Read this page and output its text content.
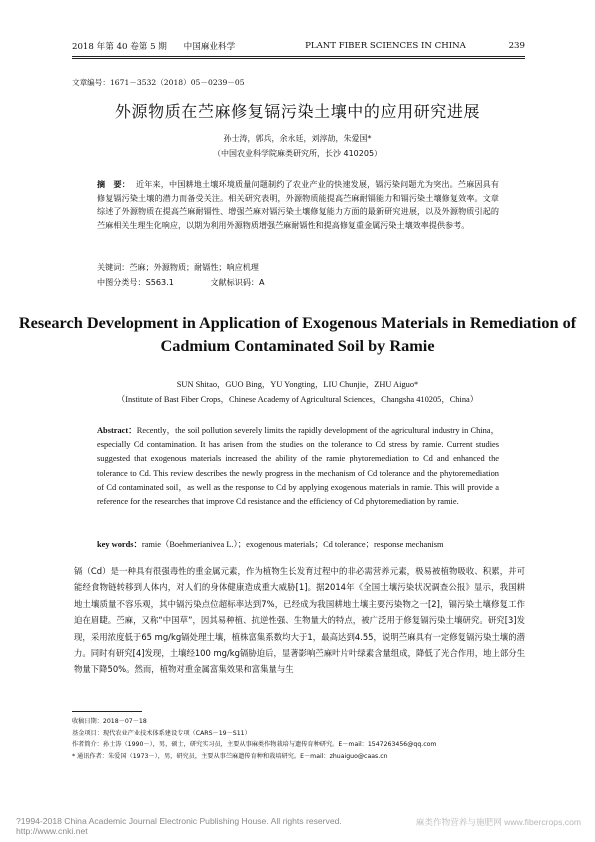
2018 年第 40 卷第 5 期 中国麻业科学	PLANT FIBER SCIENCES IN CHINA	239
文章编号：1671－3532（2018）05－0239－05
外源物质在苎麻修复镉污染土壤中的应用研究进展
孙士涛，郭兵，余永廷，刘淳劼，朱爱国*
（中国农业科学院麻类研究所，长沙 410205）
摘　要： 近年来，中国耕地土壤环境质量问题制约了农业产业的快速发展，镉污染问题尤为突出。苎麻因具有修复镉污染土壤的潜力而备受关注。相关研究表明，外源物质能提高苎麻耐镉能力和镉污染土壤修复效率。文章综述了外源物质在提高苎麻耐镉性、增强苎麻对镉污染土壤修复能力方面的最新研究进展，以及外源物质引起的苎麻相关生理生化响应，以期为利用外源物质增强苎麻耐镉性和提高修复重金属污染土壤效率提供参考。
关键词：苎麻；外源物质；耐镉性；响应机理
中图分类号：S563.1	文献标识码：A
Research Development in Application of Exogenous Materials in Remediation of Cadmium Contaminated Soil by Ramie
SUN Shitao，GUO Bing，YU Yongting，LIU Chunjie，ZHU Aiguo*
（Institute of Bast Fiber Crops，Chinese Academy of Agricultural Sciences，Changsha 410205，China）
Abstract：Recently，the soil pollution severely limits the rapidly development of the agricultural industry in China，especially Cd contamination. It has arisen from the studies on the tolerance to Cd stress by ramie. Current studies suggested that exogenous materials increased the ability of the ramie phytoremediation to Cd and enhanced the tolerance to Cd. This review describes the newly progress in the mechanism of Cd tolerance and the phytoremediation of Cd contaminated soil，as well as the response to Cd by applying exogenous materials in ramie. This will provide a reference for the researches that improve Cd resistance and the efficiency of Cd phytoremediation by ramie.
key words：ramie（Boehmerianivea L.）；exogenous materials；Cd tolerance；response mechanism
镉（Cd）是一种具有很强毒性的重金属元素，作为植物生长发育过程中的非必需营养元素，极易被植物吸收、积累，并可能经食物链转移到人体内，对人们的身体健康造成重大威胁[1]。据2014年《全国土壤污染状况调查公报》显示，我国耕地土壤质量不容乐观，其中镉污染点位超标率达到7%，已经成为我国耕地土壤主要污染物之一[2]，镉污染土壤修复工作迫在眉睫。苎麻，又称“中国草”，因其易种植、抗逆性强、生物量大的特点，被广泛用于修复镉污染土壤研究。研究[3]发现，采用浓度低于65 mg/kg镉处理土壤，植株富集系数均大于1，最高达到4.55，说明苎麻具有一定修复镉污染土壤的潜力。同时有研究[4]发现，土壤经100 mg/kg镉胁迫后，显著影响苎麻叶片叶绿素含量组成，降低了光合作用，地上部分生物量下降50%。然而，植物对重金属富集效果和富集量与生
收稿日期：2018－07－18
基金项目：现代农业产业技术体系建设专项（CARS－19－S11）
作者简介：孙士涛（1990－），男，硕士，研究实习员，主要从事麻类作物栽培与遗传育种研究。E－mail：1547263456@qq.com
* 通讯作者：朱爱国（1973－），男，研究员，主要从事苎麻遗传育种和栽培研究。E－mail：zhuaiguo@caas.cn
?1994-2018 China Academic Journal Electronic Publishing House. All rights reserved. http://www.cnki.net
麻类作物营养与施肥网 www.fibercrops.com
